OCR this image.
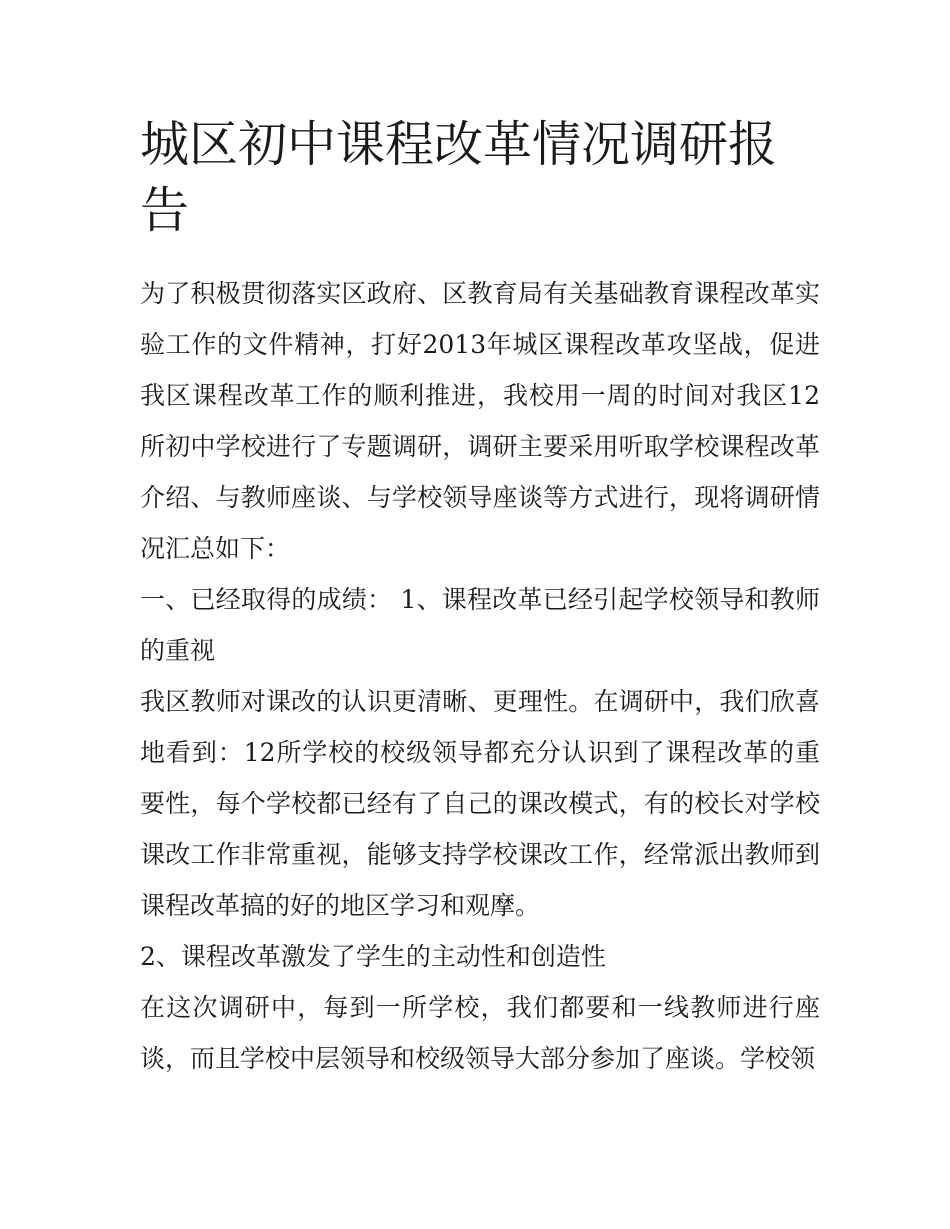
城区初中课程改革情况调研报告

为了积极贯彻落实区政府、区教育局有关基础教育课程改革实验工作的文件精神，打好2013年城区课程改革攻坚战，促进我区课程改革工作的顺利推进，我校用一周的时间对我区12所初中学校进行了专题调研，调研主要采用听取学校课程改革介绍、与教师座谈、与学校领导座谈等方式进行，现将调研情况汇总如下：

一、已经取得的成绩： 1、课程改革已经引起学校领导和教师的重视

我区教师对课改的认识更清晰、更理性。在调研中，我们欣喜地看到：12所学校的校级领导都充分认识到了课程改革的重要性，每个学校都已经有了自己的课改模式，有的校长对学校课改工作非常重视，能够支持学校课改工作，经常派出教师到课程改革搞的好的地区学习和观摩。

2、课程改革激发了学生的主动性和创造性

在这次调研中，每到一所学校，我们都要和一线教师进行座谈，而且学校中层领导和校级领导大部分参加了座谈。学校领
